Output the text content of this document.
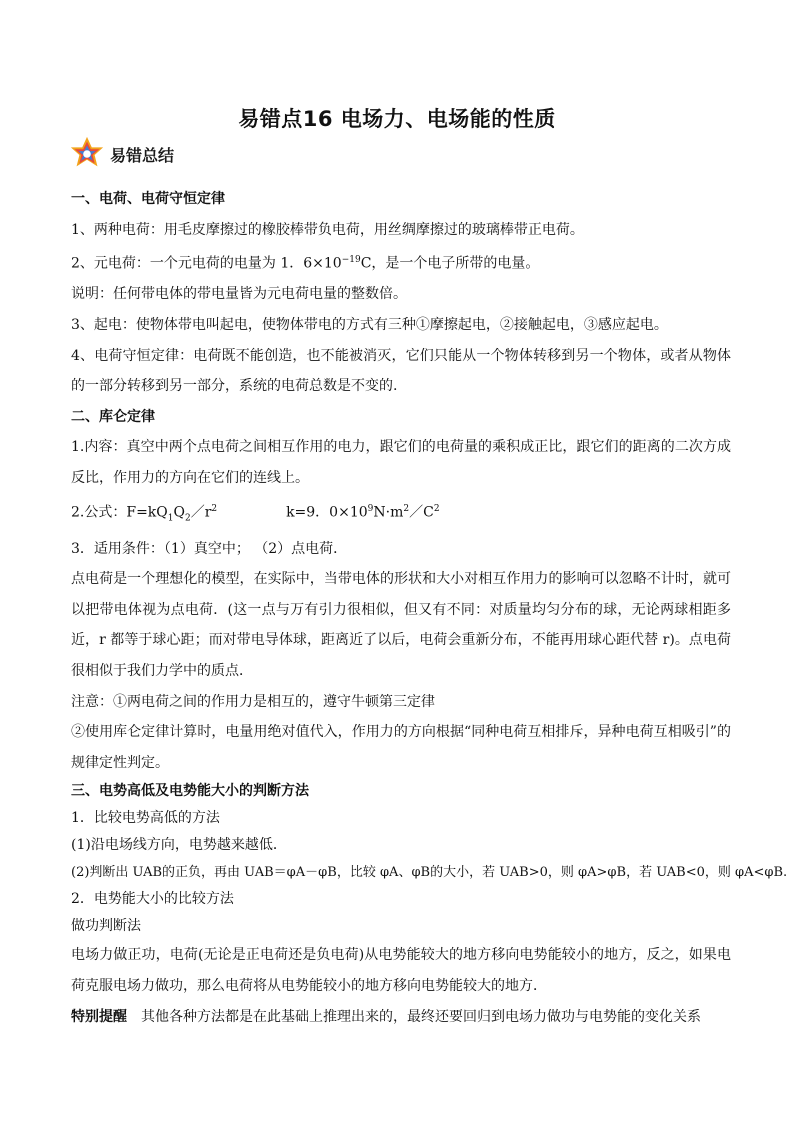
易错点16 电场力、电场能的性质
易错总结
一、电荷、电荷守恒定律
1、两种电荷：用毛皮摩擦过的橡胶棒带负电荷，用丝绸摩擦过的玻璃棒带正电荷。
2、元电荷：一个元电荷的电量为 1．$6\times 10^{-19}C$，是一个电子所带的电量。
说明：任何带电体的带电量皆为元电荷电量的整数倍。
3、起电：使物体带电叫起电，使物体带电的方式有三种①摩擦起电，②接触起电，③感应起电。
4、电荷守恒定律：电荷既不能创造，也不能被消灭，它们只能从一个物体转移到另一个物体，或者从物体的一部分转移到另一部分，系统的电荷总数是不变的.
二、库仑定律
1.内容：真空中两个点电荷之间相互作用的电力，跟它们的电荷量的乘积成正比，跟它们的距离的二次方成反比，作用力的方向在它们的连线上。
2.公式：$F=kQ_1Q_2/r^2$	k=9．$0\times 10^9N\cdot m^2/C^2$
3．适用条件：（1）真空中； （2）点电荷．
点电荷是一个理想化的模型，在实际中，当带电体的形状和大小对相互作用力的影响可以忽略不计时，就可以把带电体视为点电荷．(这一点与万有引力很相似，但又有不同：对质量均匀分布的球，无论两球相距多近，r 都等于球心距；而对带电导体球，距离近了以后，电荷会重新分布，不能再用球心距代替 r)。点电荷很相似于我们力学中的质点．
注意：①两电荷之间的作用力是相互的，遵守牛顿第三定律
②使用库仑定律计算时，电量用绝对值代入，作用力的方向根据“同种电荷互相排斥，异种电荷互相吸引”的规律定性判定。
三、电势高低及电势能大小的判断方法
1．比较电势高低的方法
(1)沿电场线方向，电势越来越低．
(2)判断出 UAB的正负，再由 UAB＝φA－φB，比较 φA、φB的大小，若 UAB>0，则 φA>φB，若 UAB<0，则 φA<φB.
2．电势能大小的比较方法
做功判断法
电场力做正功，电荷(无论是正电荷还是负电荷)从电势能较大的地方移向电势能较小的地方，反之，如果电荷克服电场力做功，那么电荷将从电势能较小的地方移向电势能较大的地方．
特别提醒　 其他各种方法都是在此基础上推理出来的，最终还要回归到电场力做功与电势能的变化关系
